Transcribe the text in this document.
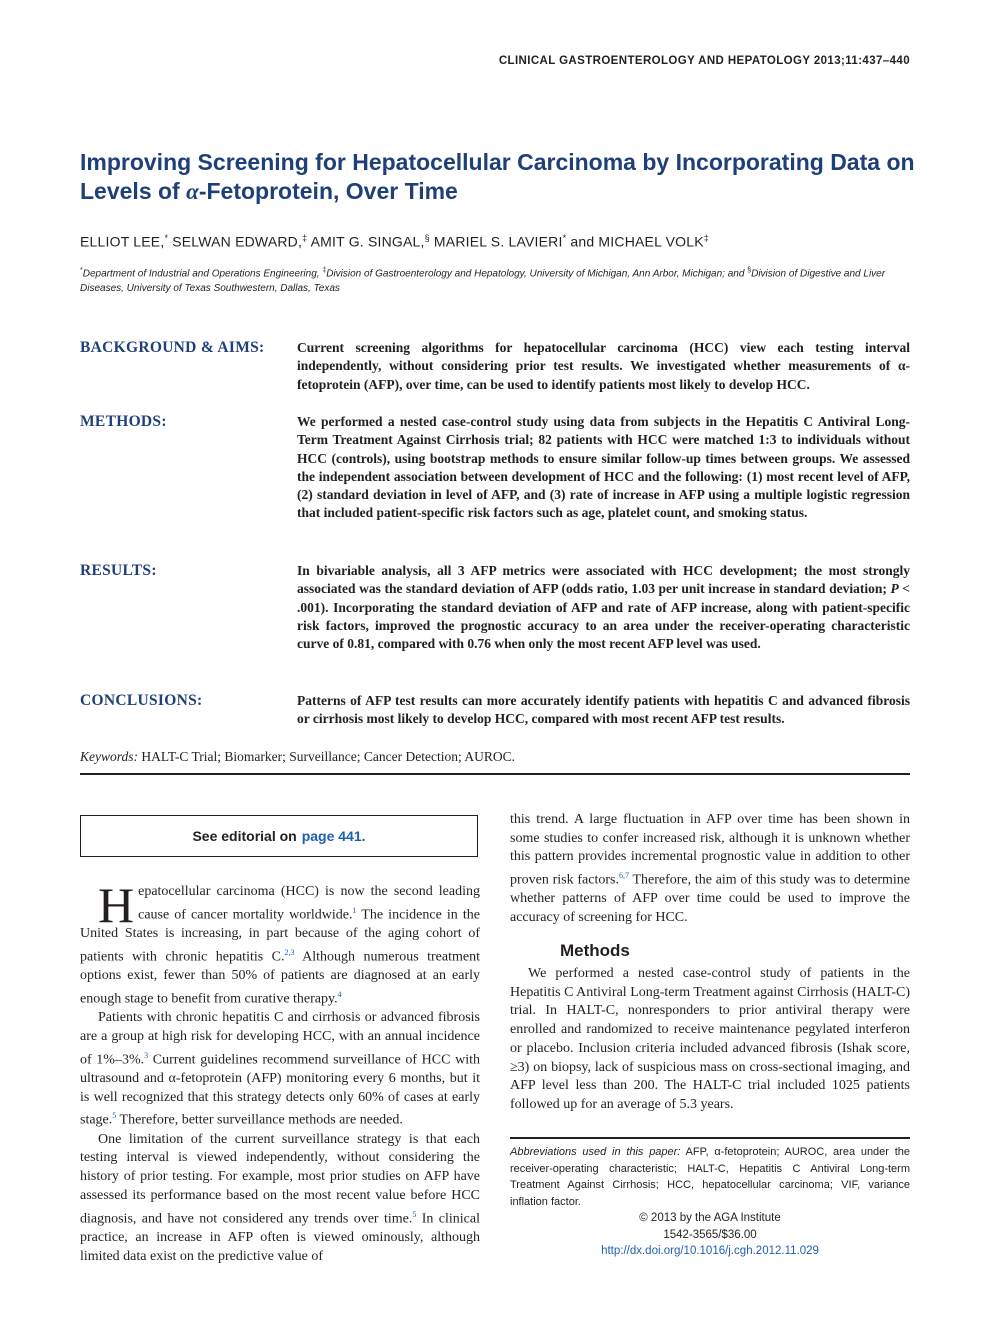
CLINICAL GASTROENTEROLOGY AND HEPATOLOGY 2013;11:437–440
Improving Screening for Hepatocellular Carcinoma by Incorporating Data on Levels of α-Fetoprotein, Over Time
ELLIOT LEE,* SELWAN EDWARD,‡ AMIT G. SINGAL,§ MARIEL S. LAVIERI* and MICHAEL VOLK‡
*Department of Industrial and Operations Engineering, ‡Division of Gastroenterology and Hepatology, University of Michigan, Ann Arbor, Michigan; and §Division of Digestive and Liver Diseases, University of Texas Southwestern, Dallas, Texas
BACKGROUND & AIMS: Current screening algorithms for hepatocellular carcinoma (HCC) view each testing interval independently, without considering prior test results. We investigated whether measurements of α-fetoprotein (AFP), over time, can be used to identify patients most likely to develop HCC.
METHODS:	We performed a nested case-control study using data from subjects in the Hepatitis C Antiviral Long-Term Treatment Against Cirrhosis trial; 82 patients with HCC were matched 1:3 to individuals without HCC (controls), using bootstrap methods to ensure similar follow-up times between groups. We assessed the independent association between development of HCC and the following: (1) most recent level of AFP, (2) standard deviation in level of AFP, and (3) rate of increase in AFP using a multiple logistic regression that included patient-specific risk factors such as age, platelet count, and smoking status.
RESULTS:	In bivariable analysis, all 3 AFP metrics were associated with HCC development; the most strongly associated was the standard deviation of AFP (odds ratio, 1.03 per unit increase in standard deviation; P < .001). Incorporating the standard deviation of AFP and rate of AFP increase, along with patient-specific risk factors, improved the prognostic accuracy to an area under the receiver-operating characteristic curve of 0.81, compared with 0.76 when only the most recent AFP level was used.
CONCLUSIONS:	Patterns of AFP test results can more accurately identify patients with hepatitis C and advanced fibrosis or cirrhosis most likely to develop HCC, compared with most recent AFP test results.
Keywords: HALT-C Trial; Biomarker; Surveillance; Cancer Detection; AUROC.
See editorial on page 441.

Hepatocellular carcinoma (HCC) is now the second leading cause of cancer mortality worldwide.$^1$ The incidence in the United States is increasing, in part because of the aging cohort of patients with chronic hepatitis C.$^{2,3}$ Although numerous treatment options exist, fewer than 50% of patients are diagnosed at an early enough stage to benefit from curative therapy.$^4$

Patients with chronic hepatitis C and cirrhosis or advanced fibrosis are a group at high risk for developing HCC, with an annual incidence of 1%–3%.$^3$ Current guidelines recommend surveillance of HCC with ultrasound and α-fetoprotein (AFP) monitoring every 6 months, but it is well recognized that this strategy detects only 60% of cases at early stage.$^5$ Therefore, better surveillance methods are needed.

One limitation of the current surveillance strategy is that each testing interval is viewed independently, without considering the history of prior testing. For example, most prior studies on AFP have assessed its performance based on the most recent value before HCC diagnosis, and have not considered any trends over time.$^5$ In clinical practice, an increase in AFP often is viewed ominously, although limited data exist on the predictive value of

this trend. A large fluctuation in AFP over time has been shown in some studies to confer increased risk, although it is unknown whether this pattern provides incremental prognostic value in addition to other proven risk factors.$^{6,7}$ Therefore, the aim of this study was to determine whether patterns of AFP over time could be used to improve the accuracy of screening for HCC.

Methods

We performed a nested case-control study of patients in the Hepatitis C Antiviral Long-term Treatment against Cirrhosis (HALT-C) trial. In HALT-C, nonresponders to prior antiviral therapy were enrolled and randomized to receive maintenance pegylated interferon or placebo. Inclusion criteria included advanced fibrosis (Ishak score, ≥3) on biopsy, lack of suspicious mass on cross-sectional imaging, and AFP level less than 200. The HALT-C trial included 1025 patients followed up for an average of 5.3 years.

Abbreviations used in this paper: AFP, α-fetoprotein; AUROC, area under the receiver-operating characteristic; HALT-C, Hepatitis C Antiviral Long-term Treatment Against Cirrhosis; HCC, hepatocellular carcinoma; VIF, variance inflation factor.
© 2013 by the AGA Institute
1542-3565/$36.00
http://dx.doi.org/10.1016/j.cgh.2012.11.029
